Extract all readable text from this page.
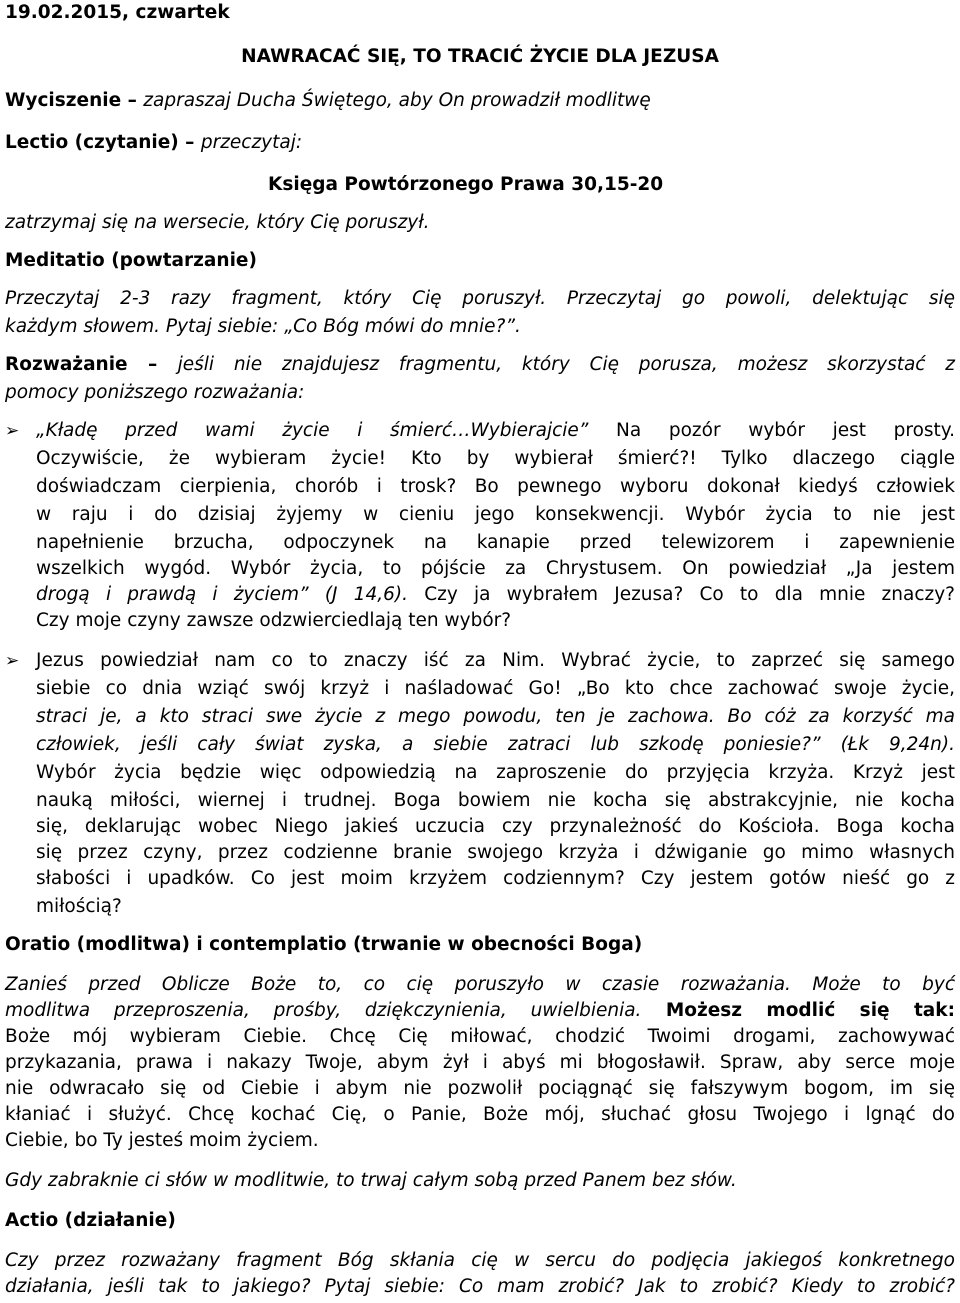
19.02.2015, czwartek
NAWRACAĆ SIĘ, TO TRACIĆ ŻYCIE DLA JEZUSA
Wyciszenie – zapraszaj Ducha Świętego, aby On prowadził modlitwę
Lectio (czytanie) – przeczytaj:
Księga Powtórzonego Prawa 30,15-20
zatrzymaj się na wersecie, który Cię poruszył.
Meditatio (powtarzanie)
Przeczytaj 2-3 razy fragment, który Cię poruszył. Przeczytaj go powoli, delektując się
każdym słowem. Pytaj siebie: „Co Bóg mówi do mnie?”.
Rozważanie – jeśli nie znajdujesz fragmentu, który Cię porusza, możesz skorzystać z
pomocy poniższego rozważania:
➢ „Kładę przed wami życie i śmierć…Wybierajcie” Na pozór wybór jest prosty.
Oczywiście, że wybieram życie! Kto by wybierał śmierć?! Tylko dlaczego ciągle
doświadczam cierpienia, chorób i trosk? Bo pewnego wyboru dokonał kiedyś człowiek
w raju i do dzisiaj żyjemy w cieniu jego konsekwencji. Wybór życia to nie jest
napełnienie brzucha, odpoczynek na kanapie przed telewizorem i zapewnienie
wszelkich wygód. Wybór życia, to pójście za Chrystusem. On powiedział „Ja jestem
drogą i prawdą i życiem” (J 14,6). Czy ja wybrałem Jezusa? Co to dla mnie znaczy?
Czy moje czyny zawsze odzwierciedlają ten wybór?
➢ Jezus powiedział nam co to znaczy iść za Nim. Wybrać życie, to zaprzeć się samego
siebie co dnia wziąć swój krzyż i naśladować Go! „Bo kto chce zachować swoje życie,
straci je, a kto straci swe życie z mego powodu, ten je zachowa. Bo cóż za korzyść ma
człowiek, jeśli cały świat zyska, a siebie zatraci lub szkodę poniesie?” (Łk 9,24n).
Wybór życia będzie więc odpowiedzią na zaproszenie do przyjęcia krzyża. Krzyż jest
nauką miłości, wiernej i trudnej. Boga bowiem nie kocha się abstrakcyjnie, nie kocha
się, deklarując wobec Niego jakieś uczucia czy przynależność do Kościoła. Boga kocha
się przez czyny, przez codzienne branie swojego krzyża i dźwiganie go mimo własnych
słabości i upadków. Co jest moim krzyżem codziennym? Czy jestem gotów nieść go z
miłością?
Oratio (modlitwa) i contemplatio (trwanie w obecności Boga)
Zanieś przed Oblicze Boże to, co cię poruszyło w czasie rozważania. Może to być
modlitwa przeproszenia, prośby, dziękczynienia, uwielbienia. Możesz modlić się tak:
Boże mój wybieram Ciebie. Chcę Cię miłować, chodzić Twoimi drogami, zachowywać
przykazania, prawa i nakazy Twoje, abym żył i abyś mi błogosławił. Spraw, aby serce moje
nie odwracało się od Ciebie i abym nie pozwolił pociągnąć się fałszywym bogom, im się
kłaniać i służyć. Chcę kochać Cię, o Panie, Boże mój, słuchać głosu Twojego i lgnąć do
Ciebie, bo Ty jesteś moim życiem.
Gdy zabraknie ci słów w modlitwie, to trwaj całym sobą przed Panem bez słów.
Actio (działanie)
Czy przez rozważany fragment Bóg skłania cię w sercu do podjęcia jakiegoś konkretnego
działania, jeśli tak to jakiego? Pytaj siebie: Co mam zrobić? Jak to zrobić? Kiedy to zrobić?
